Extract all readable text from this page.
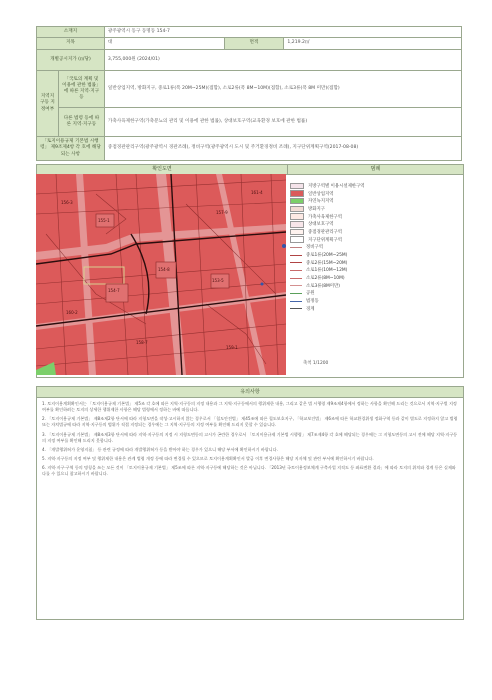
소재지		광주광역시 동구 동명동 154-7		
지목		대	면적	1,219.2㎡
개별공시지가 (㎡당)		3,755,000원 (2024/01)		
지역지구등 지정여부	「국토의 계획 및 이용에 관한 법률」에 따른 지역·지구등	일반상업지역, 방화지구, 중로1류(폭 20M~25M)(접함), 소로2류(폭 8M~10M)(접함), 소로3류(폭 8M 미만)(접함)		
	다른 법령 등에 따른 지역·지구등	가축사육제한구역(가축분뇨의 관리 및 이용에 관한 법률), 상대보호구역(교육환경 보호에 관한 법률)		
「토지이용규제 기본법 시행령」 제9조제4항 각 호에 해당되는 사항		중점경관관리구역(광주광역시 경관조례), 정비구역(광주광역시 도시 및 주거환경정비 조례), 지구단위계획구역(2017-08-08)		
확인도면	범례
154-7
154-8
153-5
155-1
156-3
157-9
160-2
158-7
159-1
161-4
지방구역별 이용시설제한구역
일반상업지역
자연녹지지역
방화지구
가축사육제한구역
상대보호구역
중점경관관리구역
지구단위계획구역
정비구역
중로1류(20M~25M)
중로2류(15M~20M)
소로1류(10M~12M)
소로2류(8M~10M)
소로3류(8M미만)
공원
법정동
경계
축척 1/1200
유의사항

1. 토지이용계획확인서는 「토지이용규제 기본법」 제5조 각 호에 따른 지역·지구등의 지정 내용과 그 지역·지구등에서의 행위제한 내용, 그리고 같은 법 시행령 제9조제4항에서 정하는 사항을 확인해 드리는 것으로서 지역·지구별 지정 여부를 확인하려는 토지의 상세한 행위제한 사항은 해당 법령에서 정하는 바에 따릅니다.

2. 「토지이용규제 기본법」 제8조제2항 단서에 따라 지형도면을 작성·고시하지 않는 경우로서 「철도안전법」 제45조에 따른 철도보호지구, 「학교보건법」 제6조에 따른 학교환경위생 정화구역 등과 같이 별도로 지정하지 않고 법령 또는 자치법규에 따라 지역·지구등의 범위가 직접 지정되는 경우에는 그 지역·지구등의 지정 여부를 확인해 드리지 못할 수 있습니다.

3. 「토지이용규제 기본법」 제8조제3항 단서에 따라 지역·지구등의 지정 시 지형도면등의 고시가 곤란한 경우로서 「토지이용규제 기본법 시행령」 제7조제4항 각 호에 해당되는 경우에는 그 지형도면등의 고시 전에 해당 지역·지구등의 지정 여부를 확인해 드리지 못합니다.

4. 「개발행위허가 운영지침」 등 관련 규정에 따라 개발행위허가 등을 받아야 하는 경우가 있으니 해당 부서에 확인하시기 바랍니다.

5. 지역·지구등의 지정 여부 및 행위제한 내용은 관계 법령 개정 등에 따라 변경될 수 있으므로 토지이용계획확인서 발급 이후 변경사항은 해당 지자체 및 관련 부서에 확인하시기 바랍니다.

6. 지역·지구·구역 등의 명칭을 쓰는 모든 것이 「토지이용규제 기본법」 제5조에 따른 지역·지구등에 해당하는 것은 아닙니다. 「2013년 국토이용정보체계 구축사업 지적도 등 좌표변환 결과」에 따라 토지의 위치와 경계 등은 실제와 다를 수 있으니 참고하시기 바랍니다.
